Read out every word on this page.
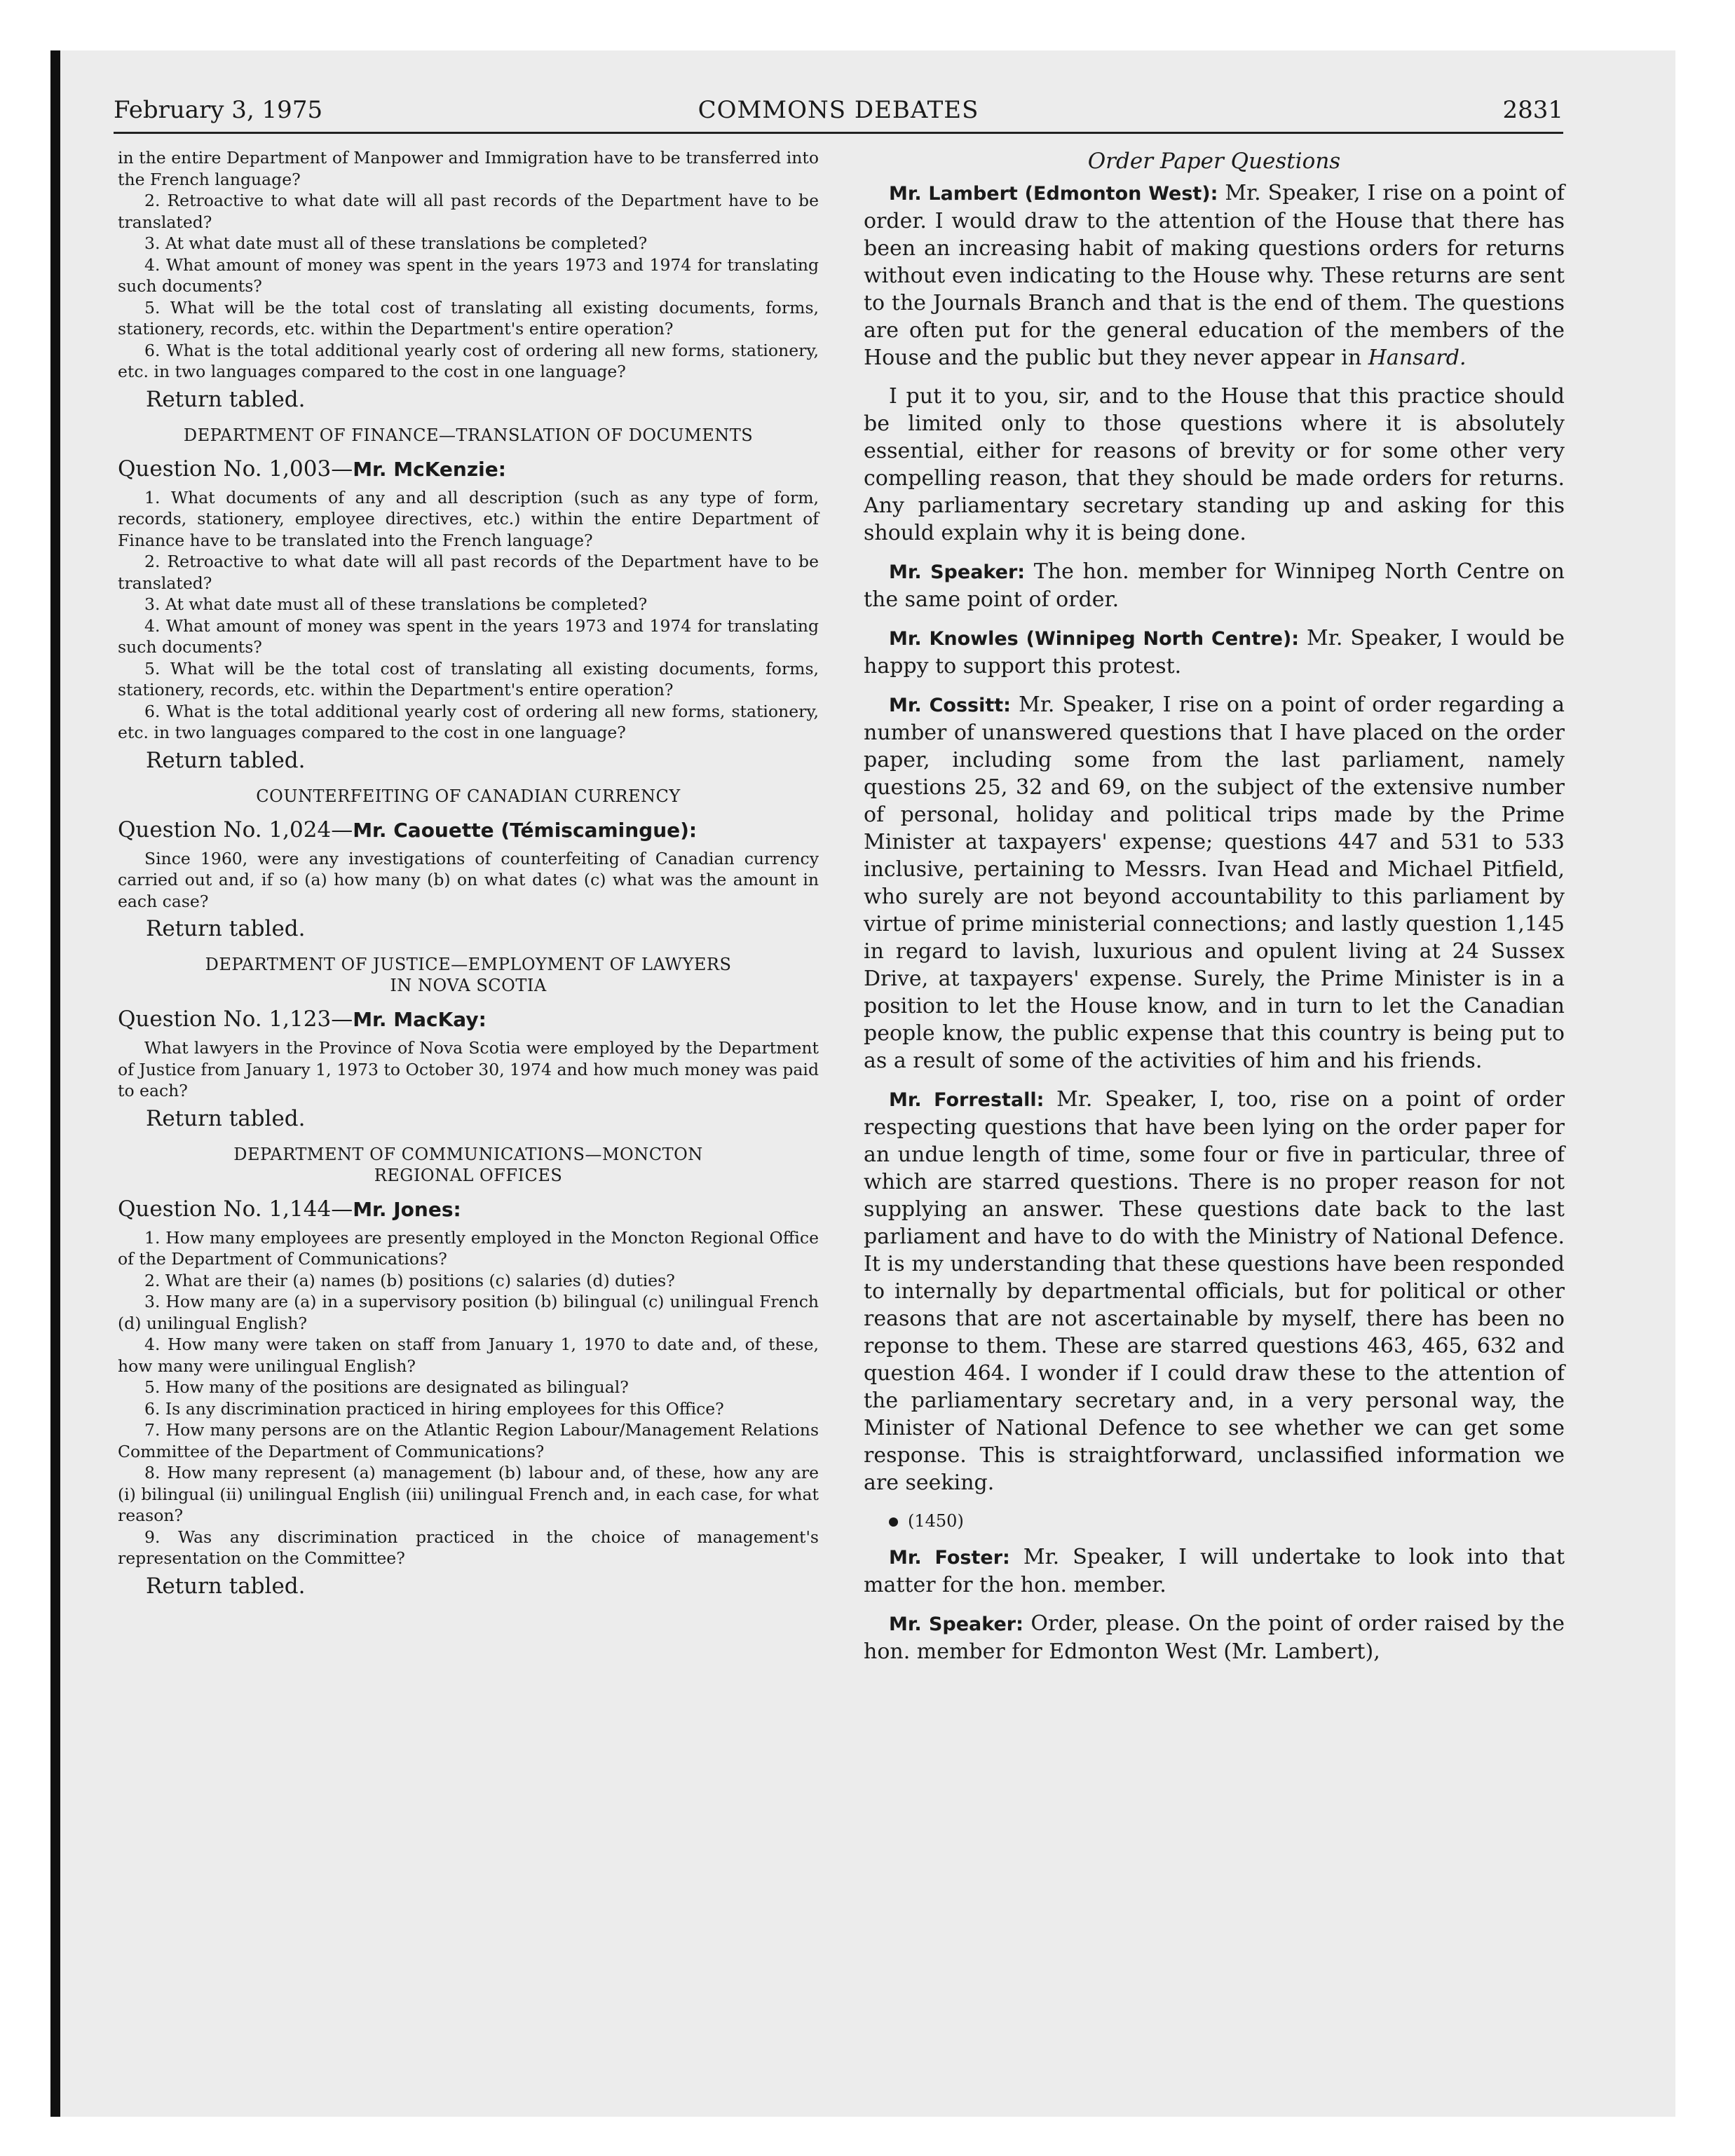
February 3, 1975	COMMONS DEBATES	2831

in the entire Department of Manpower and Immigration have to be transferred into the French language?

2. Retroactive to what date will all past records of the Department have to be translated?

3. At what date must all of these translations be completed?

4. What amount of money was spent in the years 1973 and 1974 for translating such documents?

5. What will be the total cost of translating all existing documents, forms, stationery, records, etc. within the Department's entire operation?

6. What is the total additional yearly cost of ordering all new forms, stationery, etc. in two languages compared to the cost in one language?

Return tabled.
DEPARTMENT OF FINANCE—TRANSLATION OF DOCUMENTS
Question No. 1,003—Mr. McKenzie:

1. What documents of any and all description (such as any type of form, records, stationery, employee directives, etc.) within the entire Department of Finance have to be translated into the French language?

2. Retroactive to what date will all past records of the Department have to be translated?

3. At what date must all of these translations be completed?

4. What amount of money was spent in the years 1973 and 1974 for translating such documents?

5. What will be the total cost of translating all existing documents, forms, stationery, records, etc. within the Department's entire operation?

6. What is the total additional yearly cost of ordering all new forms, stationery, etc. in two languages compared to the cost in one language?

Return tabled.
COUNTERFEITING OF CANADIAN CURRENCY
Question No. 1,024—Mr. Caouette (Témiscamingue):

Since 1960, were any investigations of counterfeiting of Canadian currency carried out and, if so (a) how many (b) on what dates (c) what was the amount in each case?

Return tabled.
DEPARTMENT OF JUSTICE—EMPLOYMENT OF LAWYERS
IN NOVA SCOTIA
Question No. 1,123—Mr. MacKay:

What lawyers in the Province of Nova Scotia were employed by the Department of Justice from January 1, 1973 to October 30, 1974 and how much money was paid to each?

Return tabled.
DEPARTMENT OF COMMUNICATIONS—MONCTON
REGIONAL OFFICES
Question No. 1,144—Mr. Jones:

1. How many employees are presently employed in the Moncton Regional Office of the Department of Communications?

2. What are their (a) names (b) positions (c) salaries (d) duties?

3. How many are (a) in a supervisory position (b) bilingual (c) unilingual French (d) unilingual English?

4. How many were taken on staff from January 1, 1970 to date and, of these, how many were unilingual English?

5. How many of the positions are designated as bilingual?

6. Is any discrimination practiced in hiring employees for this Office?

7. How many persons are on the Atlantic Region Labour/Management Relations Committee of the Department of Communications?

8. How many represent (a) management (b) labour and, of these, how any are (i) bilingual (ii) unilingual English (iii) unilingual French and, in each case, for what reason?

9. Was any discrimination practiced in the choice of management's representation on the Committee?

Return tabled.
Order Paper Questions

Mr. Lambert (Edmonton West): Mr. Speaker, I rise on a point of order. I would draw to the attention of the House that there has been an increasing habit of making questions orders for returns without even indicating to the House why. These returns are sent to the Journals Branch and that is the end of them. The questions are often put for the general education of the members of the House and the public but they never appear in Hansard.

I put it to you, sir, and to the House that this practice should be limited only to those questions where it is absolutely essential, either for reasons of brevity or for some other very compelling reason, that they should be made orders for returns. Any parliamentary secretary standing up and asking for this should explain why it is being done.

Mr. Speaker: The hon. member for Winnipeg North Centre on the same point of order.

Mr. Knowles (Winnipeg North Centre): Mr. Speaker, I would be happy to support this protest.

Mr. Cossitt: Mr. Speaker, I rise on a point of order regarding a number of unanswered questions that I have placed on the order paper, including some from the last parliament, namely questions 25, 32 and 69, on the subject of the extensive number of personal, holiday and political trips made by the Prime Minister at taxpayers' expense; questions 447 and 531 to 533 inclusive, pertaining to Messrs. Ivan Head and Michael Pitfield, who surely are not beyond accountability to this parliament by virtue of prime ministerial connections; and lastly question 1,145 in regard to lavish, luxurious and opulent living at 24 Sussex Drive, at taxpayers' expense. Surely, the Prime Minister is in a position to let the House know, and in turn to let the Canadian people know, the public expense that this country is being put to as a result of some of the activities of him and his friends.

Mr. Forrestall: Mr. Speaker, I, too, rise on a point of order respecting questions that have been lying on the order paper for an undue length of time, some four or five in particular, three of which are starred questions. There is no proper reason for not supplying an answer. These questions date back to the last parliament and have to do with the Ministry of National Defence. It is my understanding that these questions have been responded to internally by departmental officials, but for political or other reasons that are not ascertainable by myself, there has been no reponse to them. These are starred questions 463, 465, 632 and question 464. I wonder if I could draw these to the attention of the parliamentary secretary and, in a very personal way, the Minister of National Defence to see whether we can get some response. This is straightforward, unclassified information we are seeking.

(1450)

Mr. Foster: Mr. Speaker, I will undertake to look into that matter for the hon. member.

Mr. Speaker: Order, please. On the point of order raised by the hon. member for Edmonton West (Mr. Lambert),
